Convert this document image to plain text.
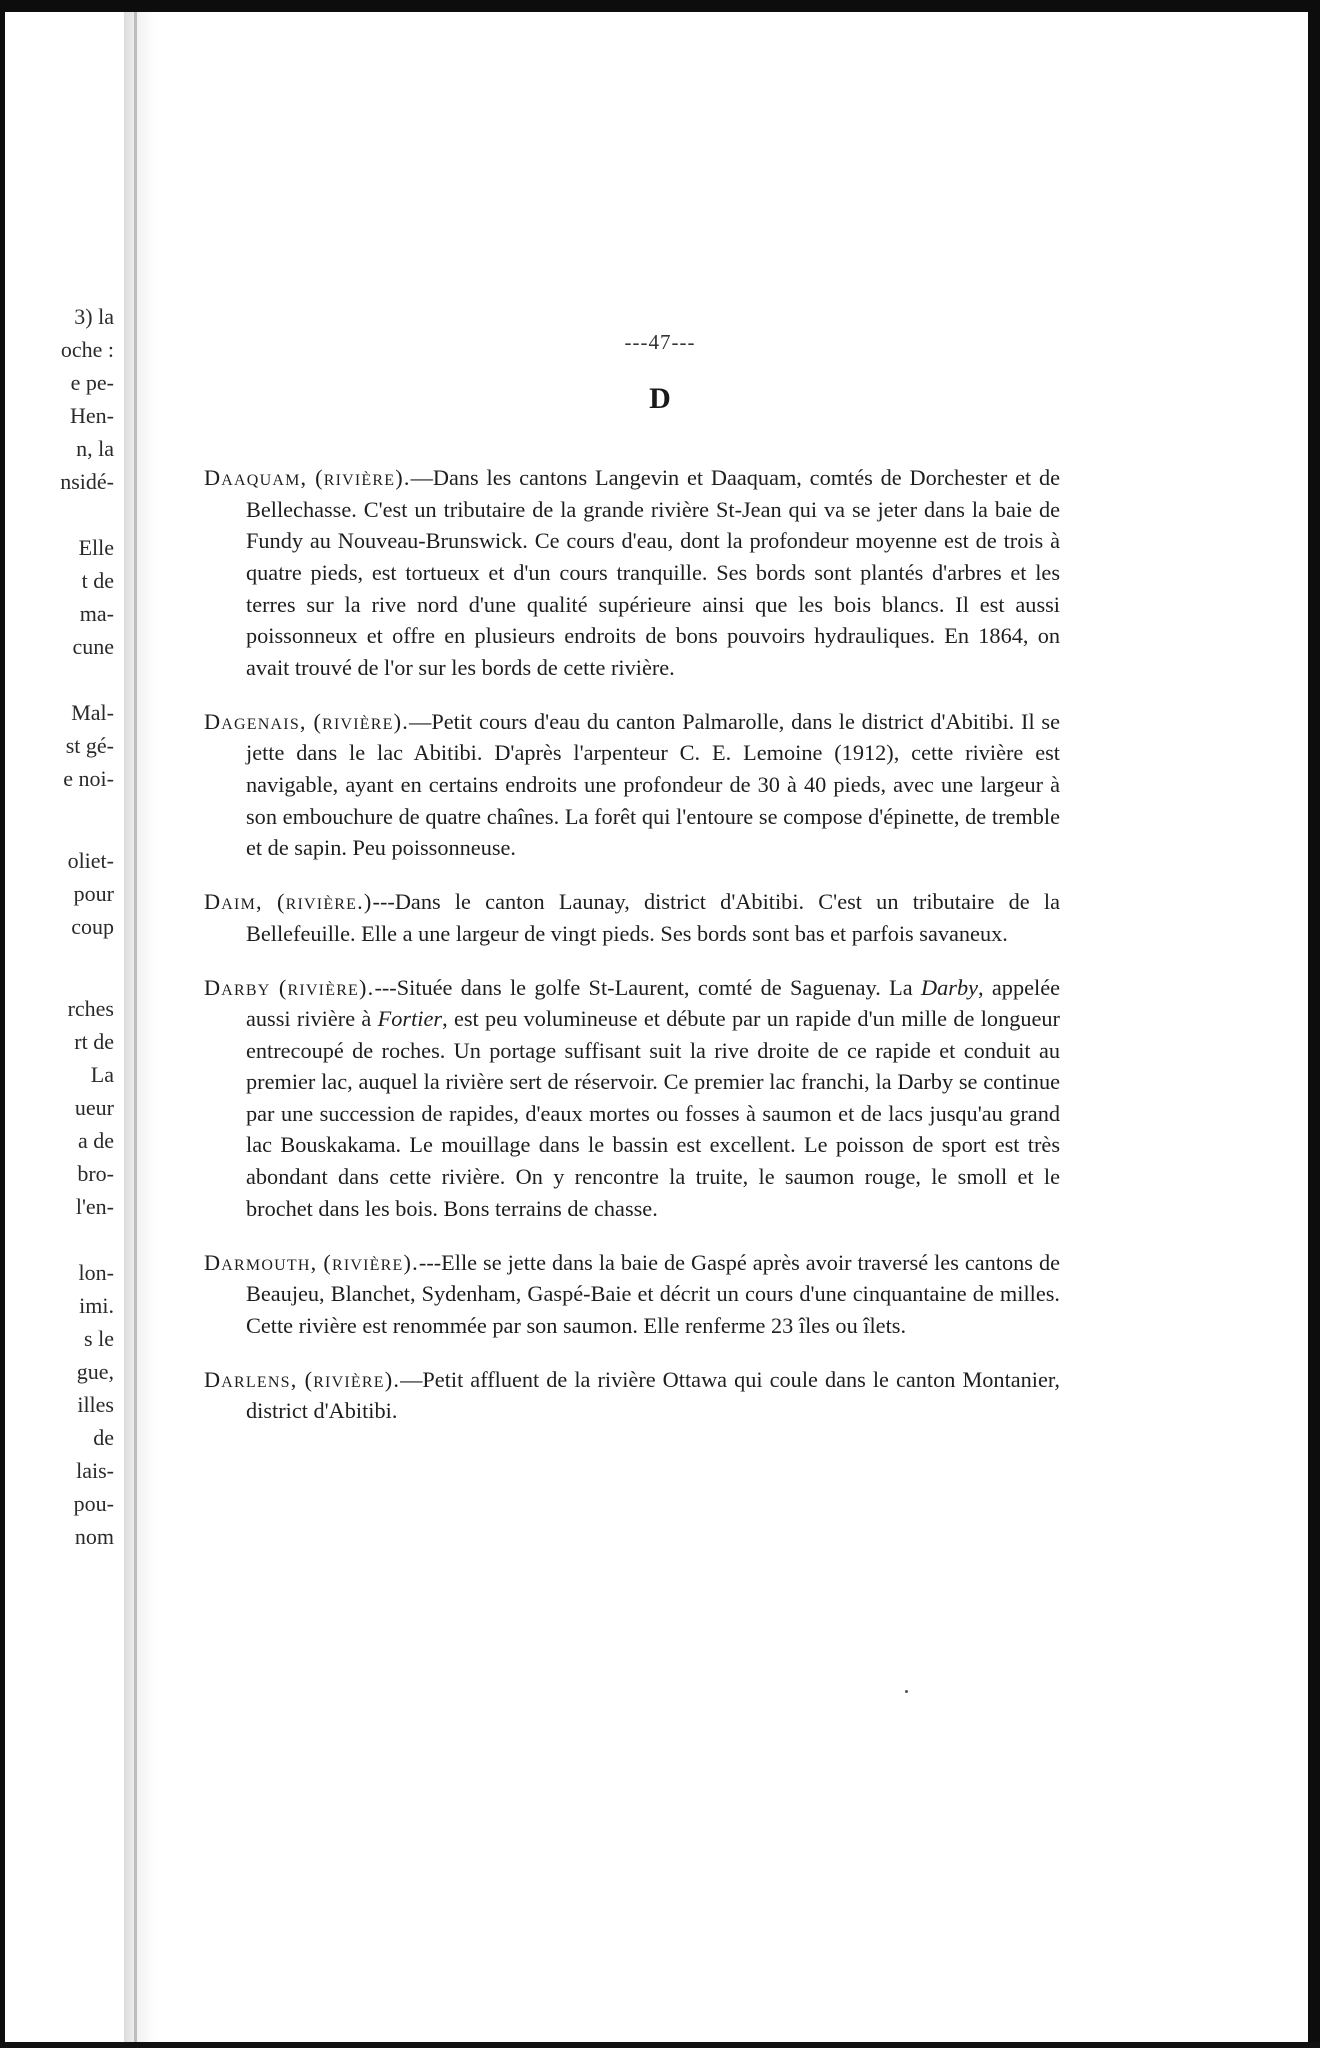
3) la
oche :
e pe-
Hen-
n, la
nsidé-
Elle
t de
ma-
cune
Mal-
st gé-
e noi-
oliet-
pour
coup
rches
rt de
La
ueur
a de
bro-
l'en-
lon-
imi.
s le
gue,
illes
de
lais-
pou-
nom
---47---
D

Daaquam, (rivière).—Dans les cantons Langevin et Daaquam, comtés de Dorchester et de Bellechasse. C'est un tributaire de la grande rivière St-Jean qui va se jeter dans la baie de Fundy au Nouveau-Brunswick. Ce cours d'eau, dont la profondeur moyenne est de trois à quatre pieds, est tortueux et d'un cours tranquille. Ses bords sont plantés d'arbres et les terres sur la rive nord d'une qualité supérieure ainsi que les bois blancs. Il est aussi poissonneux et offre en plusieurs endroits de bons pouvoirs hydrauliques. En 1864, on avait trouvé de l'or sur les bords de cette rivière.

Dagenais, (rivière).—Petit cours d'eau du canton Palmarolle, dans le district d'Abitibi. Il se jette dans le lac Abitibi. D'après l'arpenteur C. E. Lemoine (1912), cette rivière est navigable, ayant en certains endroits une profondeur de 30 à 40 pieds, avec une largeur à son embouchure de quatre chaînes. La forêt qui l'entoure se compose d'épinette, de tremble et de sapin. Peu poissonneuse.

Daim, (rivière.)---Dans le canton Launay, district d'Abitibi. C'est un tributaire de la Bellefeuille. Elle a une largeur de vingt pieds. Ses bords sont bas et parfois savaneux.

Darby (rivière).---Située dans le golfe St-Laurent, comté de Saguenay. La Darby, appelée aussi rivière à Fortier, est peu volumineuse et débute par un rapide d'un mille de longueur entrecoupé de roches. Un portage suffisant suit la rive droite de ce rapide et conduit au premier lac, auquel la rivière sert de réservoir. Ce premier lac franchi, la Darby se continue par une succession de rapides, d'eaux mortes ou fosses à saumon et de lacs jusqu'au grand lac Bouskakama. Le mouillage dans le bassin est excellent. Le poisson de sport est très abondant dans cette rivière. On y rencontre la truite, le saumon rouge, le smoll et le brochet dans les bois. Bons terrains de chasse.

Darmouth, (rivière).---Elle se jette dans la baie de Gaspé après avoir traversé les cantons de Beaujeu, Blanchet, Sydenham, Gaspé-Baie et décrit un cours d'une cinquantaine de milles. Cette rivière est renommée par son saumon. Elle renferme 23 îles ou îlets.

Darlens, (rivière).—Petit affluent de la rivière Ottawa qui coule dans le canton Montanier, district d'Abitibi.
